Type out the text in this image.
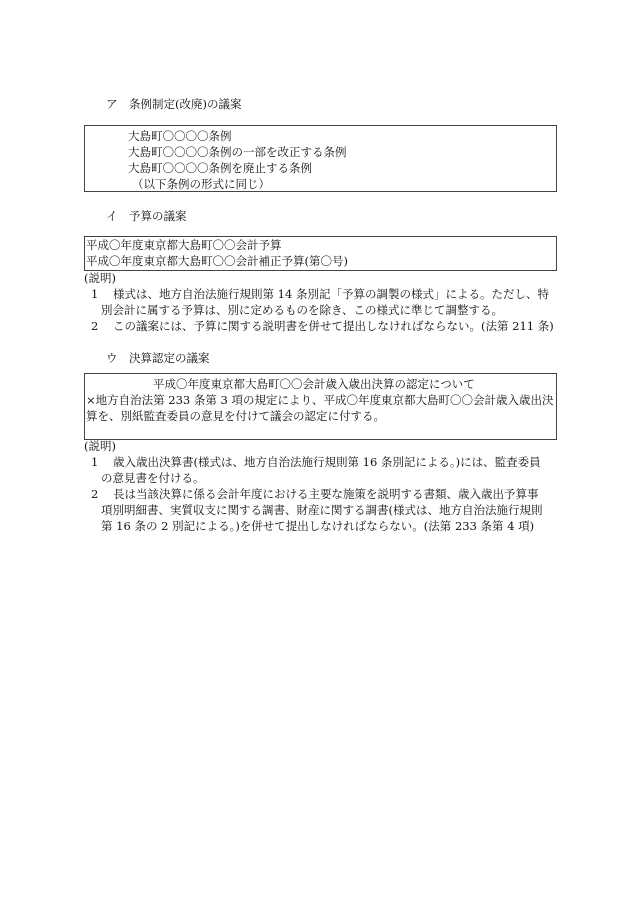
ア　条例制定(改廃)の議案
大島町〇〇〇〇条例
大島町〇〇〇〇条例の一部を改正する条例
大島町〇〇〇〇条例を廃止する条例
（以下条例の形式に同じ）
イ　予算の議案
平成〇年度東京都大島町〇〇会計予算
平成〇年度東京都大島町〇〇会計補正予算(第〇号)
(説明)
1 様式は、地方自治法施行規則第 14 条別記「予算の調製の様式」による。ただし、特
別会計に属する予算は、別に定めるものを除き、この様式に準じて調整する。
2 この議案には、予算に関する説明書を併せて提出しなければならない。(法第 211 条)
ウ　決算認定の議案
平成〇年度東京都大島町〇〇会計歳入歳出決算の認定について
×地方自治法第 233 条第 3 項の規定により、平成〇年度東京都大島町〇〇会計歳入歳出決
算を、別紙監査委員の意見を付けて議会の認定に付する。
(説明)
1 歳入歳出決算書(様式は、地方自治法施行規則第 16 条別記による。)には、監査委員
の意見書を付ける。
2 長は当該決算に係る会計年度における主要な施策を説明する書類、歳入歳出予算事
項別明細書、実質収支に関する調書、財産に関する調書(様式は、地方自治法施行規則
第 16 条の 2 別記による。)を併せて提出しなければならない。(法第 233 条第 4 項)
